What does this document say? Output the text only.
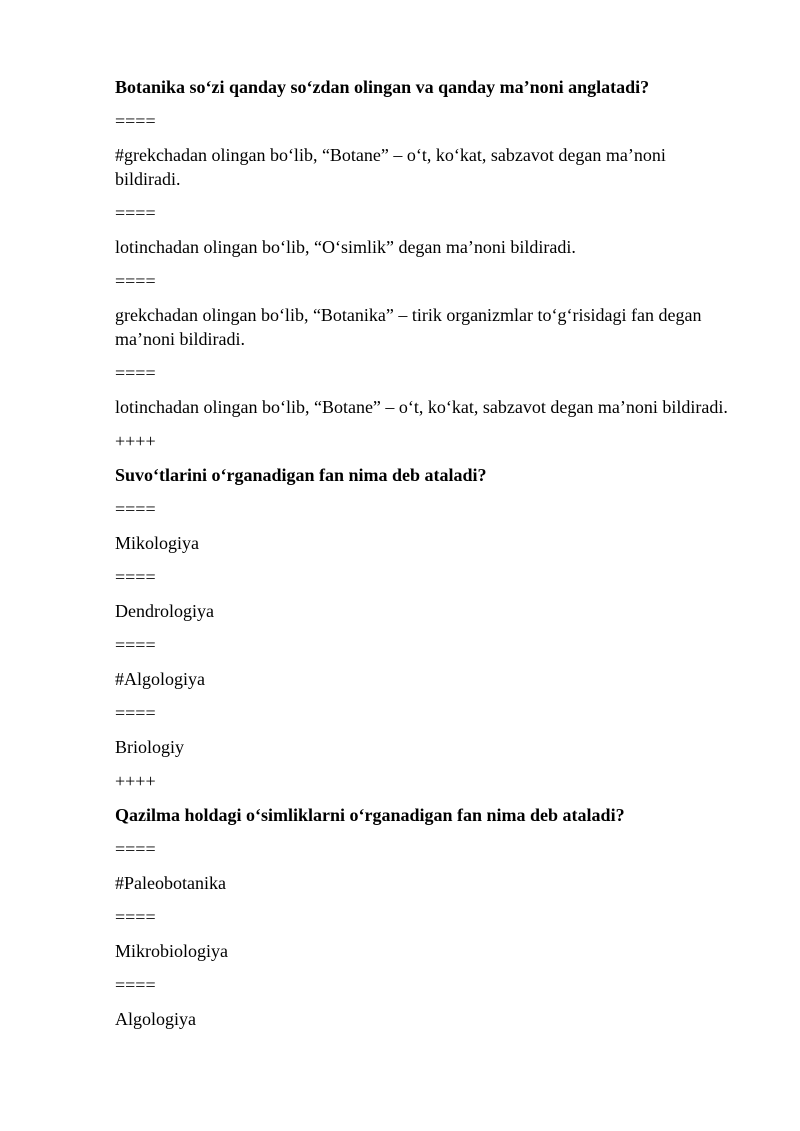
Botanika so‘zi qanday so‘zdan olingan va qanday ma’noni anglatadi?

====

#grekchadan olingan bo‘lib, “Botane” – o‘t, ko‘kat, sabzavot degan ma’noni bildiradi.

====

lotinchadan olingan bo‘lib, “O‘simlik” degan ma’noni bildiradi.

====

grekchadan olingan bo‘lib, “Botanika” – tirik organizmlar to‘g‘risidagi fan degan ma’noni bildiradi.

====

lotinchadan olingan bo‘lib, “Botane” – o‘t, ko‘kat, sabzavot degan ma’noni bildiradi.

++++

Suvo‘tlarini o‘rganadigan fan nima deb ataladi?

====

Mikologiya

====

Dendrologiya

====

#Algologiya

====

Briologiy

++++

Qazilma holdagi o‘simliklarni o‘rganadigan fan nima deb ataladi?

====

#Paleobotanika

====

Mikrobiologiya

====

Algologiya
